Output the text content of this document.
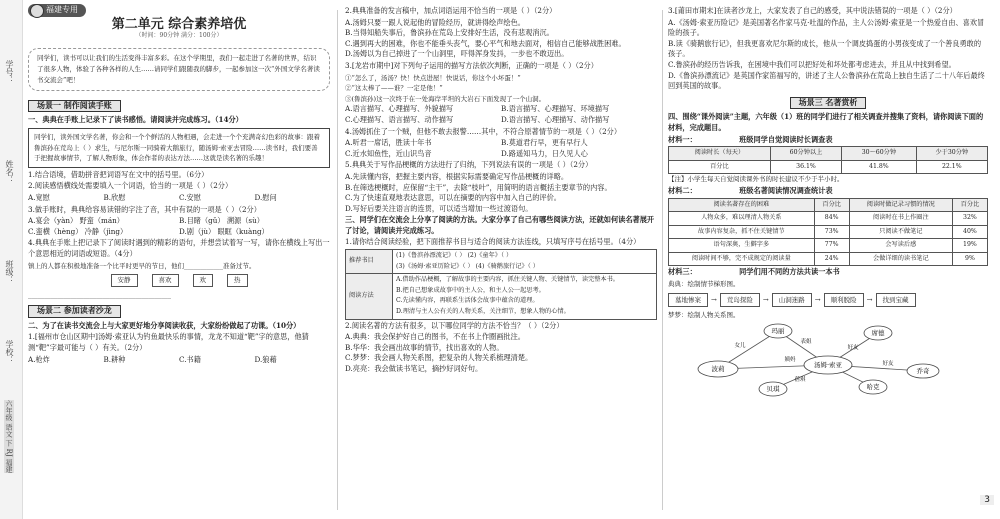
学号：
姓名：
班级：
学校：
六年级 语文 下 RJ 福建
福建专用
第二单元 综合素养培优
（时间：90分钟 满分：100分）
同学们，读书可以让我们的生活变得丰富多彩。在这个学期里，我们一起走进了名著的世界，结识了很多人物，体验了各种各样的人生……请同学们跟随我的脚步，一起参加这一次“外国文学名著读书交流会”吧！
场景一 制作阅读手账
一、典典在手账上记录下了读书感悟。请阅读并完成练习。（14分）
同学们，读外国文学名著，你会和一个个鲜活的人物相遇，会走进一个个充满奇幻色彩的故事：跟着鲁滨孙在荒岛上（ ）求生，与尼尔斯一同骑着大鹅旅行，随汤姆·索亚去冒险……读书时，我们要善于把握故事情节，了解人物形象，体会作者的表达方法……这就是读名著的乐趣！
1.结合语境，借助拼音把词语写在文中的括号里。（6分）
2.阅读感悟横线处需要填入一个词语，恰当的一项是（ ）（2分）
A.宽慰	B.欣慰	C.安慰	D.慰问
3.做手账时，典典给容易读错的字注了音，其中有误的一项是（ ）（2分）
A.宴会（yàn） 野蛮（mán）	B.目睹（gǔ） 溯源（sù）
C.蛮横（hèng） 冷静（jìng）	D.剧（jù） 眼眶（kuàng）
4.典典在手账上把记录下了阅读时遇到的精彩的语句，并想尝试着写一写，请你在横线上写出一个意思相近的词语或短语。（4分）
镇上的人都在积极地准备一个比平时更早的节日，他们____________准备过节。
安静	喜欢	欢	热
____________________________________________
场景二 参加读者沙龙
二、为了在读书交流会上与大家更好地分享阅读收获，大家纷纷做起了功课。（10分）
1.[福州市仓山区期中]汤姆·索亚认为钓鱼最快乐的事情，龙龙不知道“靶”字的意思，他猜测“靶”字最可能与（ ）有关。（2分）
A.枪炸	B.耕种	C.书籍	D.狼藉
2.典典准备的发言稿中，加点词语运用不恰当的一项是（ ）（2分）
A.汤姆只要一跟人说起他的冒险经历，就讲得绘声绘色。
B.当得知船失事后，鲁滨孙在荒岛上安排好生活，没有悲观消沉。
C.遇到再大的困难，你也不能垂头丧气，要心平气和地去面对，相信自己能够战胜困难。
D.汤姆以为自己掉进了一个山洞里，吓得浑身发抖，一步也不敢迈出。
3.[龙岩市期中]对下列句子运用的描写方法依次判断，正确的一项是（ ）（2分）
①“怎么了，汤汤？快！快点进屋！快说话，你这个小坏蛋！”
②“这太棒了——谁？一定是他！”
③(鲁滨孙)这一次终于在一处海岸平坦的大岩石下面发现了一个山洞。
A.语言描写、心理描写、外貌描写	B.语言描写、心理描写、环境描写
C.心理描写、语言描写、动作描写	D.语言描写、心理描写、动作描写
4.汤姆抓住了一个贼，但他不敢去报警……其中，不符合原著情节的一项是（ ）（2分）
A.听君一席话，胜读十年书	B.莫道君行早，更有早行人
C.近水知鱼性，近山识鸟音	D.路遥知马力，日久见人心
5.典典关于写作品梗概的方法进行了归纳，下列说法有误的一项是（ ）（2分）
A.先读懂内容，把握主要内容，根据实际需要确定写作品梗概的详略。
B.在筛选梗概时，应保留“主干”，去除“枝叶”，用简明的语言概括主要章节的内容。
C.为了快速直观地表达意思，可以在摘要的内容中加入自己的评价。
D.写好后要关注语言的连贯，可以适当增加一些过渡语句。
三、同学们在交流会上分享了阅读的方法。大家分享了自己有哪些阅读方法，还就如何读名著展开了讨论，请阅读并完成练习。
1.请你结合阅读经验，把下面推荐书目与适合的阅读方法连线，只填写序号在括号里。（4分）
推荐书目	(1)《鲁滨孙漂流记》（ ） (2)《童年》（ ）
(3)《汤姆·索亚历险记》（ ） (4)《骑鹅旅行记》（ ）
阅读方法	A.借助作品梗概，了解故事的主要内容，抓住关键人物、关键情节，读完整本书。
B.把自己想象成故事中的主人公，和主人公一起思考。
C.先读懂内容，再联系生活体会故事中蕴含的道理。
D.理清与主人公有关的人物关系，关注细节，想象人物的心情。
2.阅读名著的方法有很多，以下哪位同学的方法不恰当？（ ）（2分）
A.典典：我会保护好自己的图书，不在书上作圈画批注。
B.华华：我会画出故事的情节，找出喜欢的人物。
C.梦梦：我会画人物关系图，把复杂的人物关系梳理清楚。
D.亮亮：我会做读书笔记，摘抄好词好句。
3.[莆田市期末]在读者沙龙上，大家发表了自己的感受，其中说法错误的一项是（ ）（2分）
A.《汤姆·索亚历险记》是美国著名作家马克·吐温的作品，主人公汤姆·索亚是一个热爱自由、喜欢冒险的孩子。
B.读《骑鹅旅行记》，但我更喜欢尼尔斯的成长，他从一个调皮捣蛋的小男孩变成了一个善良勇敢的孩子。
C.鲁滨孙的经历告诉我，在困境中我们可以把好处和坏处都考虑进去，并且从中找到希望。
D.《鲁滨孙漂流记》是英国作家笛福写的，讲述了主人公鲁滨孙在荒岛上独自生活了二十八年后最终回到英国的故事。
场景三 名著赏析
四、围绕“课外阅读”主题，六年级（1）班的同学们进行了相关调查并搜集了资料，请你阅读下面的材料，完成题目。
材料一：	班级同学自觉阅读时长调查表
阅读时长（每天）	60分钟以上	30～60分钟	少于30分钟
百分比	36.1%	41.8%	22.1%
【注】小学生每天自觉阅读课外书的时长建议不少于半小时。
材料二：	班级名著阅读情况调查统计表
阅读名著存在的困难	百分比	阅读时做记录习惯的情况	百分比
人物众多，难以理清人物关系	84%	阅读时在书上作圈注	32%
故事内容复杂，抓不住关键情节	73%	只阅读不做笔记	40%
语句深奥，生僻字多	77%	会写读后感	19%
阅读时间不够，完不成规定的阅读量	24%	会做详细的读书笔记	9%
材料三：	同学们用不同的方法共读一本书
典典：绘制情节梯形图。
墓地惨案	→	荒岛探险	→	山洞迷路	→	顺利脱险	→	找到宝藏
梦梦：绘制人物关系图。
汤姆·索亚
玛丽	席德
波莉
贝琪
乔奇
哈克
女儿
表姐
姨妈
蓓琪
好友
好友
3
